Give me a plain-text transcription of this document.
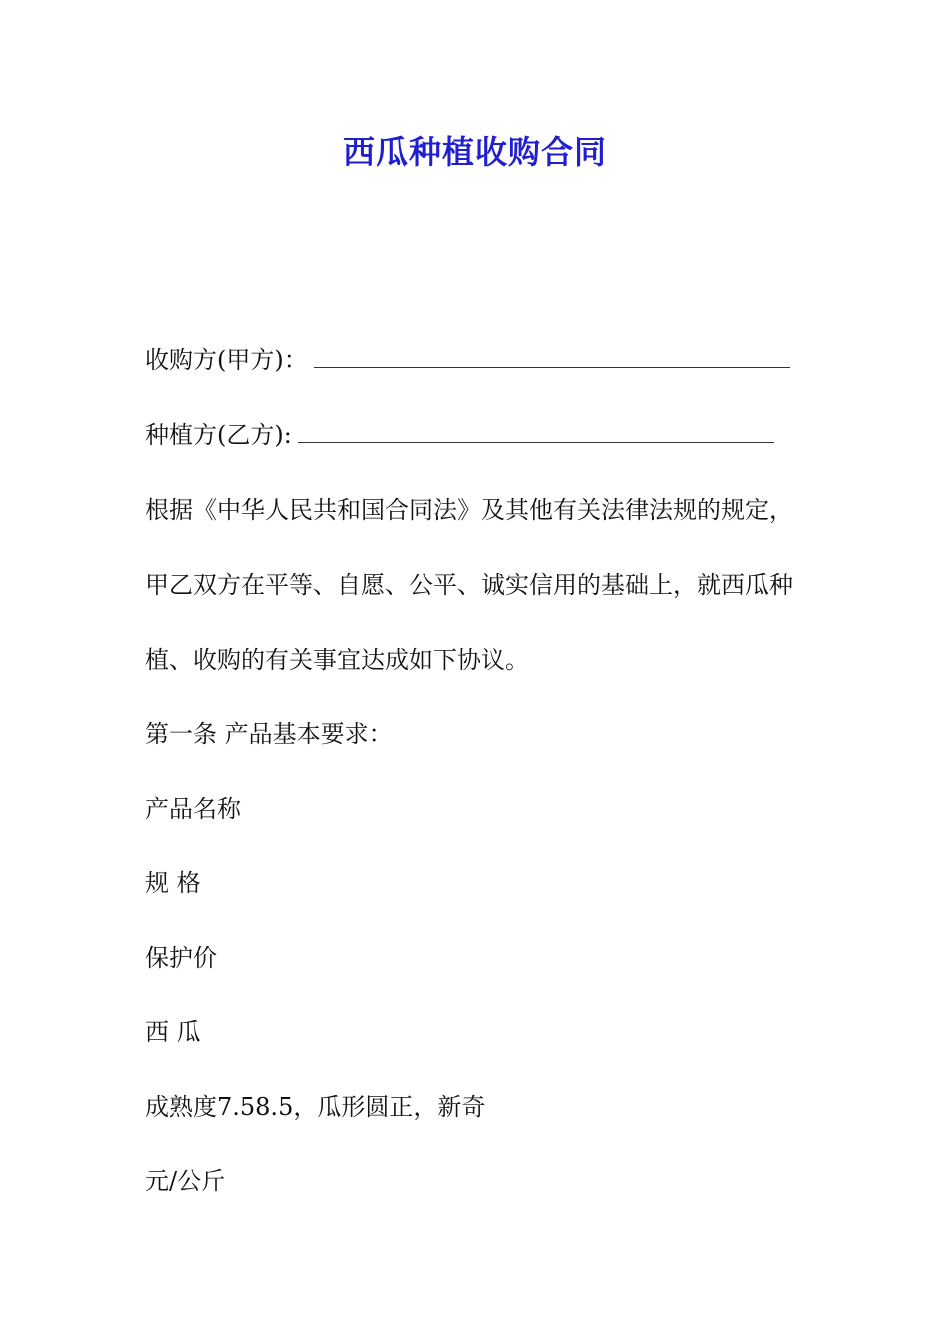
西瓜种植收购合同
收购方(甲方)：
种植方(乙方):
根据《中华人民共和国合同法》及其他有关法律法规的规定，
甲乙双方在平等、自愿、公平、诚实信用的基础上，就西瓜种
植、收购的有关事宜达成如下协议。
第一条 产品基本要求：
产品名称
规 格
保护价
西 瓜
成熟度7.58.5，瓜形圆正，新奇
元/公斤
